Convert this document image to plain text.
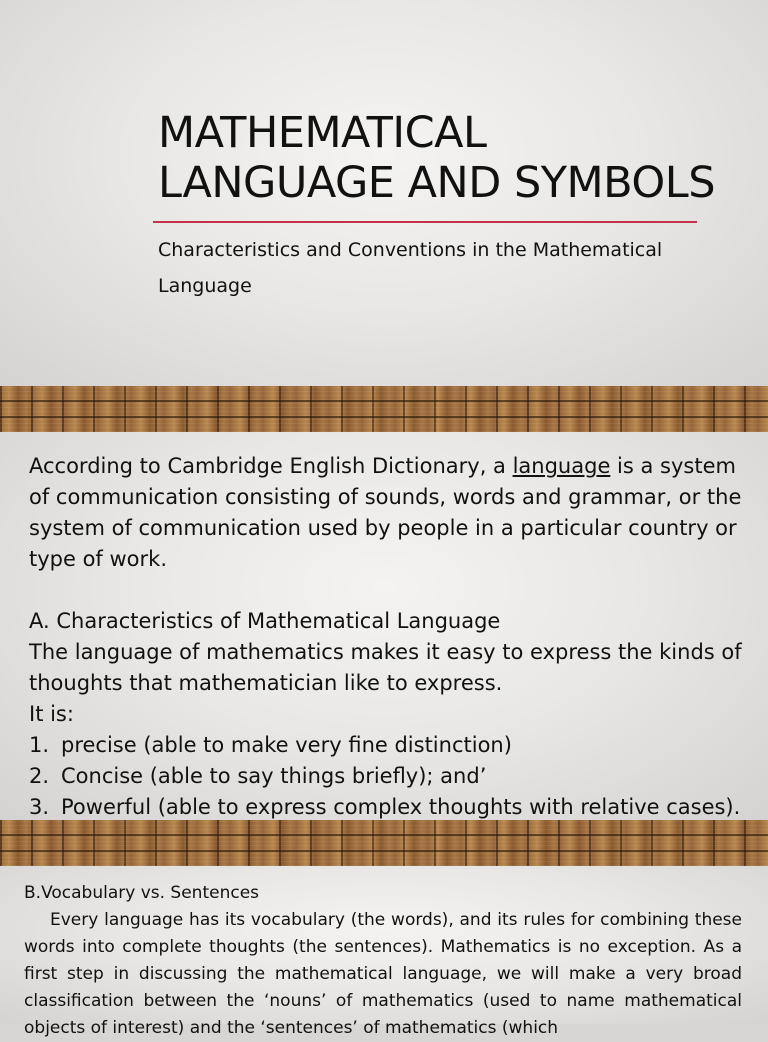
MATHEMATICAL
LANGUAGE AND SYMBOLS

Characteristics and Conventions in the Mathematical Language

According to Cambridge English Dictionary, a language is a system of communication consisting of sounds, words and grammar, or the system of communication used by people in a particular country or type of work.

A. Characteristics of Mathematical Language

The language of mathematics makes it easy to express the kinds of thoughts that mathematician like to express.

It is:

1. precise (able to make very fine distinction)
2. Concise (able to say things briefly); and’
3. Powerful (able to express complex thoughts with relative cases).

B.Vocabulary vs. Sentences

Every language has its vocabulary (the words), and its rules for combining these words into complete thoughts (the sentences). Mathematics is no exception. As a first step in discussing the mathematical language, we will make a very broad classification between the ‘nouns’ of mathematics (used to name mathematical objects of interest) and the ‘sentences’ of mathematics (which
